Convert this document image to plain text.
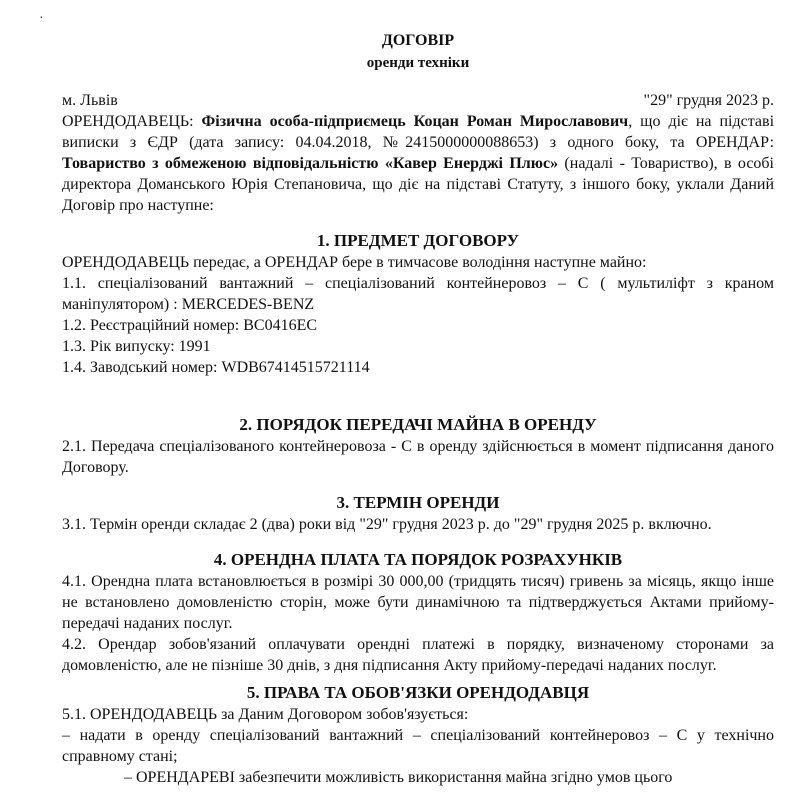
·
ДОГОВІР
оренди техніки
м. Львів	"29" грудня 2023 р.

ОРЕНДОДАВЕЦЬ: Фізична особа-підприємець Коцан Роман Мирославович, що діє на підставі виписки з ЄДР (дата запису: 04.04.2018, №2415000000088653) з одного боку, та ОРЕНДАР: Товариство з обмеженою відповідальністю «Кавер Енерджі Плюс» (надалі - Товариство), в особі директора Доманського Юрія Степановича, що діє на підставі Статуту, з іншого боку, уклали Даний Договір про наступне:

1. ПРЕДМЕТ ДОГОВОРУ

ОРЕНДОДАВЕЦЬ передає, а ОРЕНДАР бере в тимчасове володіння наступне майно:

1.1. спеціалізований вантажний – спеціалізований контейнеровоз – С ( мультиліфт з краном маніпулятором) : MERCEDES-BENZ

1.2. Реєстраційний номер: ВС0416ЕС

1.3. Рік випуску: 1991

1.4. Заводський номер: WDB67414515721114

2. ПОРЯДОК ПЕРЕДАЧІ МАЙНА В ОРЕНДУ

2.1. Передача спеціалізованого контейнеровоза - С в оренду здійснюється в момент підписання даного Договору.

3. ТЕРМІН ОРЕНДИ

3.1. Термін оренди складає 2 (два) роки від "29" грудня 2023 р. до "29" грудня 2025 р. включно.

4. ОРЕНДНА ПЛАТА ТА ПОРЯДОК РОЗРАХУНКІВ

4.1. Орендна плата встановлюється в розмірі 30 000,00 (тридцять тисяч) гривень за місяць, якщо інше не встановлено домовленістю сторін, може бути динамічною та підтверджується Актами прийому-передачі наданих послуг.

4.2. Орендар зобов'язаний оплачувати орендні платежі в порядку, визначеному сторонами за домовленістю, але не пізніше 30 днів, з дня підписання Акту прийому-передачі наданих послуг.

5. ПРАВА ТА ОБОВ'ЯЗКИ ОРЕНДОДАВЦЯ

5.1. ОРЕНДОДАВЕЦЬ за Даним Договором зобов'язується:

– надати в оренду спеціалізований вантажний – спеціалізований контейнеровоз – С у технічно справному стані;

– ОРЕНДАРЕВІ забезпечити можливість використання майна згідно умов цього
